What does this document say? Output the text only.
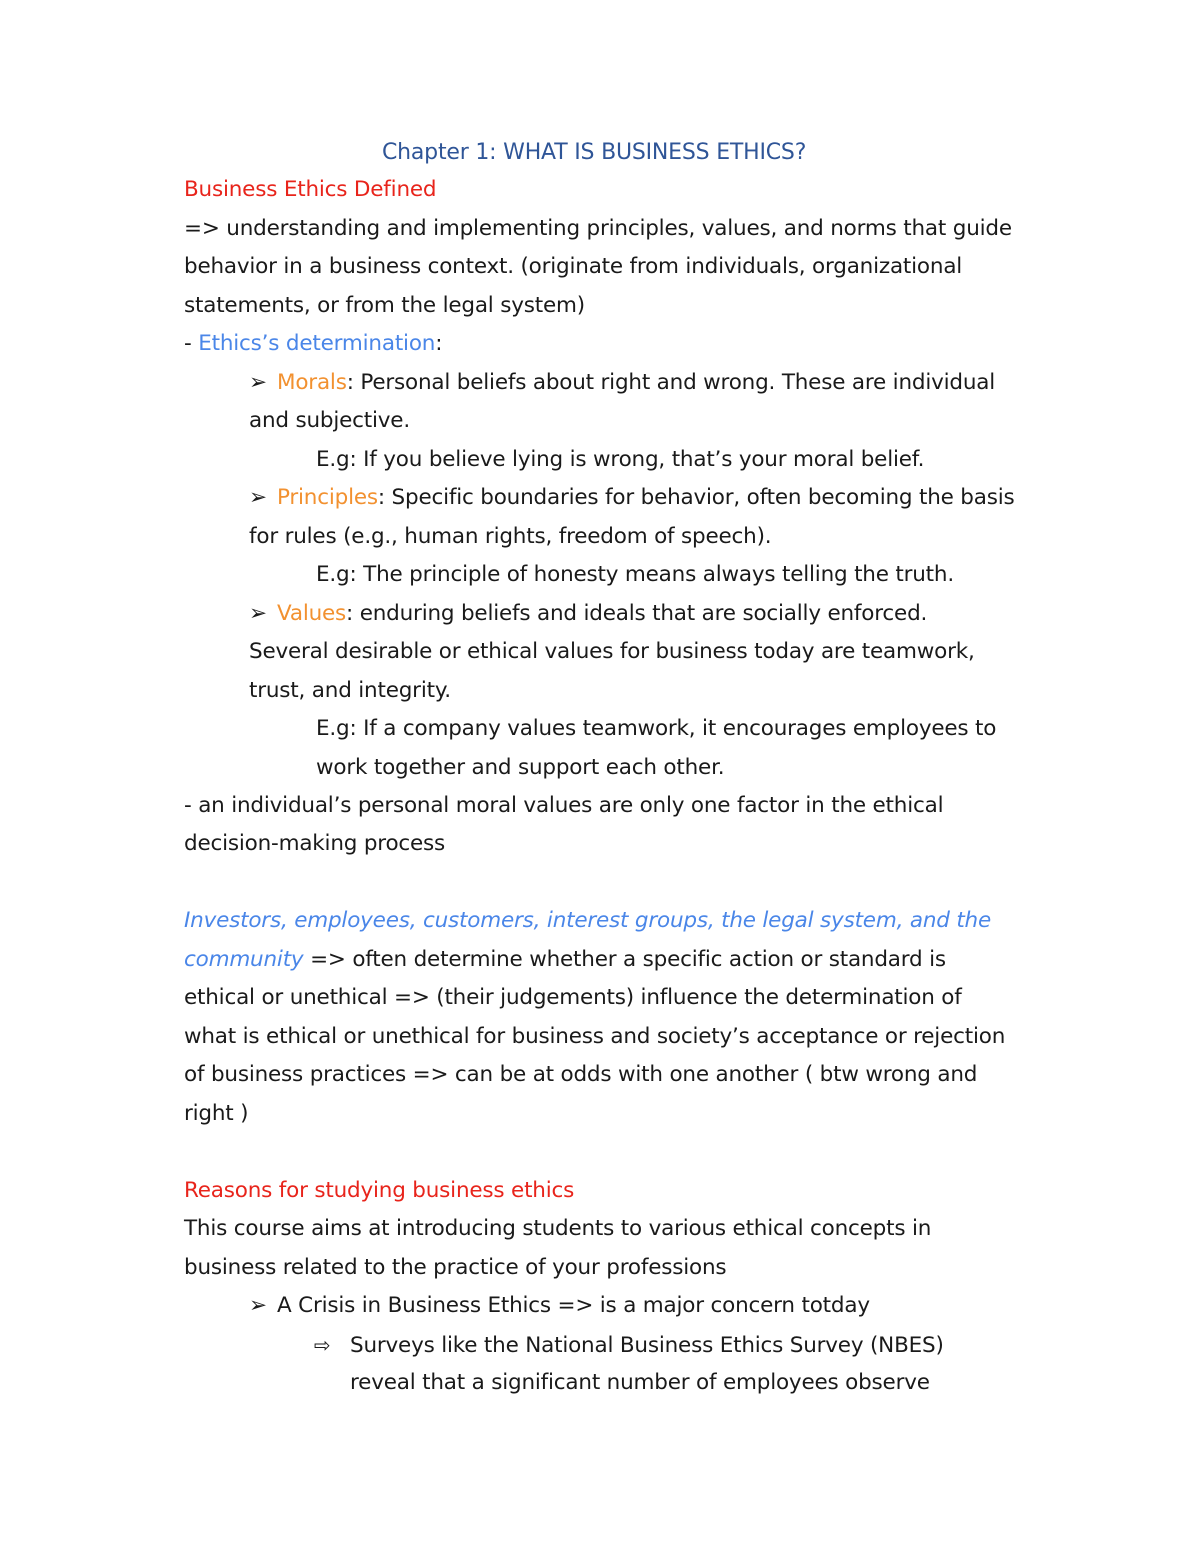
Chapter 1: WHAT IS BUSINESS ETHICS?
Business Ethics Defined
=> understanding and implementing principles, values, and norms that guide
behavior in a business context. (originate from individuals, organizational
statements, or from the legal system)
- Ethics’s determination:
➢ Morals: Personal beliefs about right and wrong. These are individual
and subjective.
E.g: If you believe lying is wrong, that’s your moral belief.
➢ Principles: Specific boundaries for behavior, often becoming the basis
for rules (e.g., human rights, freedom of speech).
E.g: The principle of honesty means always telling the truth.
➢ Values: enduring beliefs and ideals that are socially enforced.
Several desirable or ethical values for business today are teamwork,
trust, and integrity.
E.g: If a company values teamwork, it encourages employees to
work together and support each other.
- an individual’s personal moral values are only one factor in the ethical
decision-making process
Investors, employees, customers, interest groups, the legal system, and the
community => often determine whether a specific action or standard is
ethical or unethical => (their judgements) influence the determination of
what is ethical or unethical for business and society’s acceptance or rejection
of business practices => can be at odds with one another ( btw wrong and
right )
Reasons for studying business ethics
This course aims at introducing students to various ethical concepts in
business related to the practice of your professions
➢ A Crisis in Business Ethics => is a major concern totday
⇨ Surveys like the National Business Ethics Survey (NBES)
reveal that a significant number of employees observe
